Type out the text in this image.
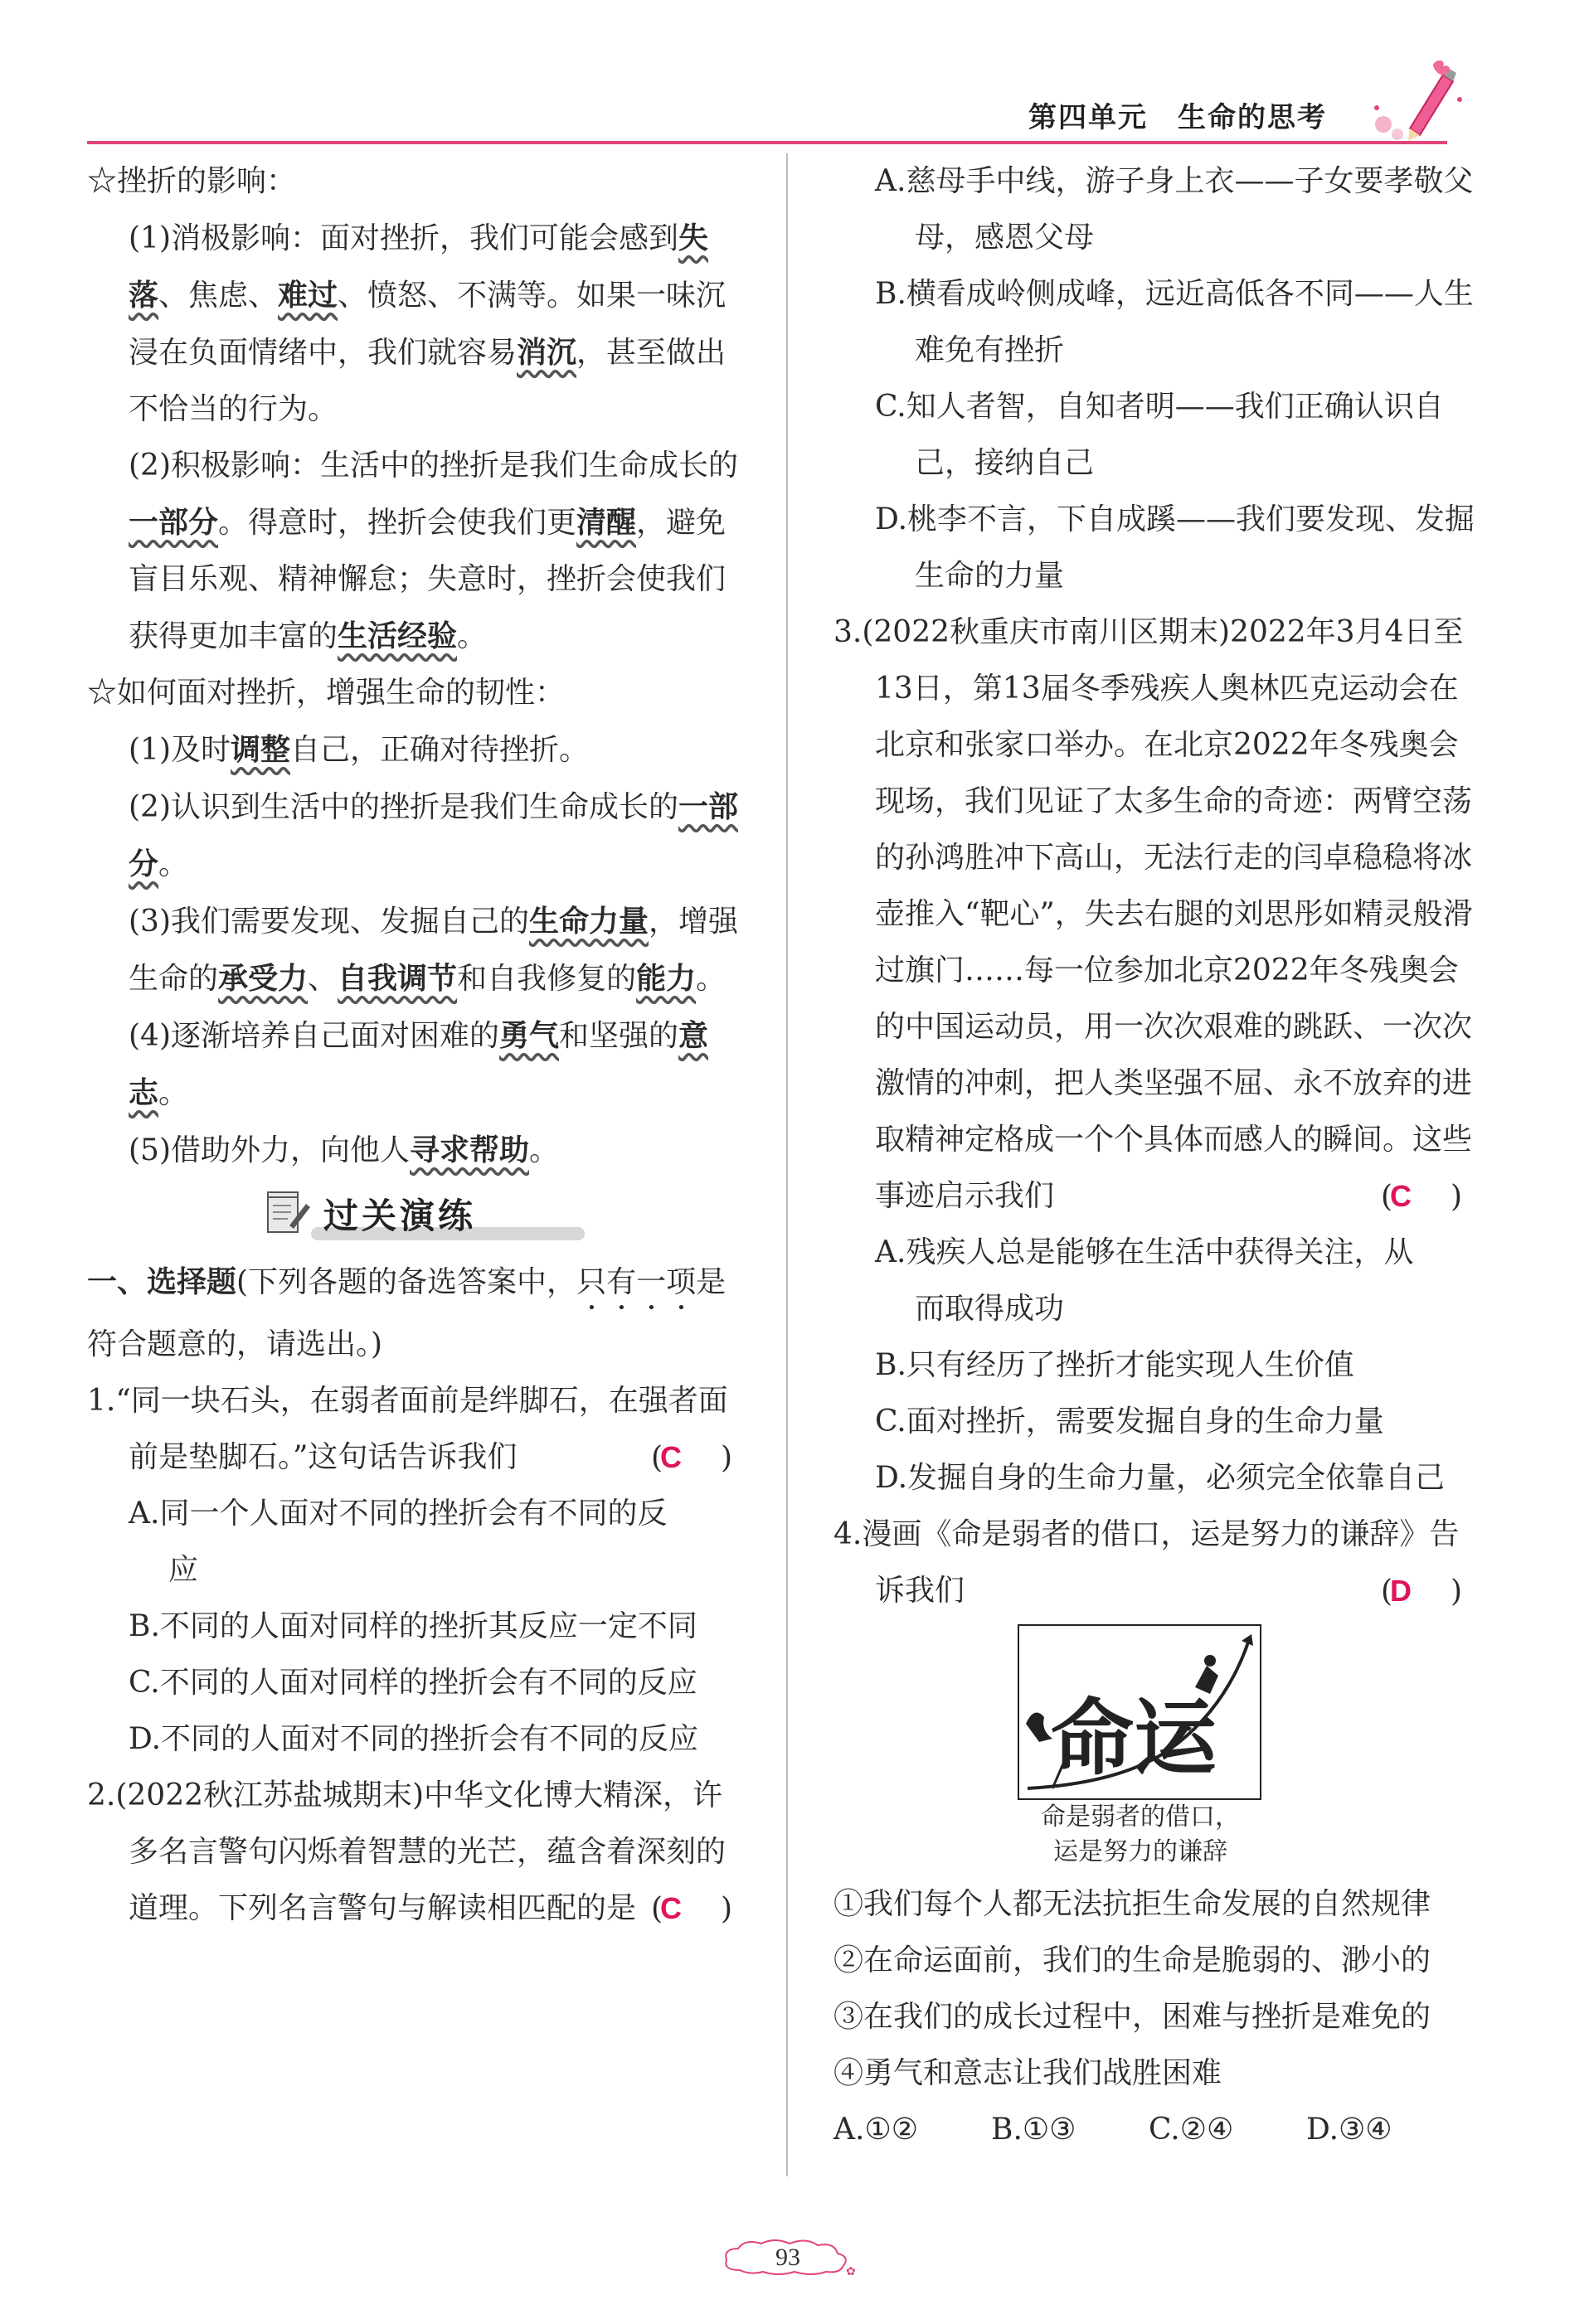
第四单元　生命的思考
☆挫折的影响：
(1)消极影响：面对挫折，我们可能会感到失落、焦虑、难过、愤怒、不满等。如果一味沉浸在负面情绪中，我们就容易消沉，甚至做出不恰当的行为。
(2)积极影响：生活中的挫折是我们生命成长的一部分。得意时，挫折会使我们更清醒，避免盲目乐观、精神懈怠；失意时，挫折会使我们获得更加丰富的生活经验。
☆如何面对挫折，增强生命的韧性：
(1)及时调整自己，正确对待挫折。
(2)认识到生活中的挫折是我们生命成长的一部分。
(3)我们需要发现、发掘自己的生命力量，增强生命的承受力、自我调节和自我修复的能力。
(4)逐渐培养自己面对困难的勇气和坚强的意志。
(5)借助外力，向他人寻求帮助。
过关演练
一、选择题(下列各题的备选答案中，只有一项是符合题意的，请选出。)
1.“同一块石头，在弱者面前是绊脚石，在强者面前是垫脚石。”这句话告诉我们	(C )
A.同一个人面对不同的挫折会有不同的反应
B.不同的人面对同样的挫折其反应一定不同
C.不同的人面对同样的挫折会有不同的反应
D.不同的人面对不同的挫折会有不同的反应
2.(2022秋江苏盐城期末)中华文化博大精深，许多名言警句闪烁着智慧的光芒，蕴含着深刻的道理。下列名言警句与解读相匹配的是 (C )
A.慈母手中线，游子身上衣——子女要孝敬父母，感恩父母
B.横看成岭侧成峰，远近高低各不同——人生难免有挫折
C.知人者智，自知者明——我们正确认识自己，接纳自己
D.桃李不言，下自成蹊——我们要发现、发掘生命的力量
3.(2022秋重庆市南川区期末)2022年3月4日至13日，第13届冬季残疾人奥林匹克运动会在北京和张家口举办。在北京2022年冬残奥会现场，我们见证了太多生命的奇迹：两臂空荡的孙鸿胜冲下高山，无法行走的闫卓稳稳将冰壶推入“靶心”，失去右腿的刘思彤如精灵般滑过旗门……每一位参加北京2022年冬残奥会的中国运动员，用一次次艰难的跳跃、一次次激情的冲刺，把人类坚强不屈、永不放弃的进取精神定格成一个个具体而感人的瞬间。这些事迹启示我们	(C )
A.残疾人总是能够在生活中获得关注，从而取得成功
B.只有经历了挫折才能实现人生价值
C.面对挫折，需要发掘自身的生命力量
D.发掘自身的生命力量，必须完全依靠自己
4.漫画《命是弱者的借口，运是努力的谦辞》告诉我们	(D )
命运
命是弱者的借口，
运是努力的谦辞
①我们每个人都无法抗拒生命发展的自然规律
②在命运面前，我们的生命是脆弱的、渺小的
③在我们的成长过程中，困难与挫折是难免的
④勇气和意志让我们战胜困难
A.①② B.①③ C.②④ D.③④
✿
93
